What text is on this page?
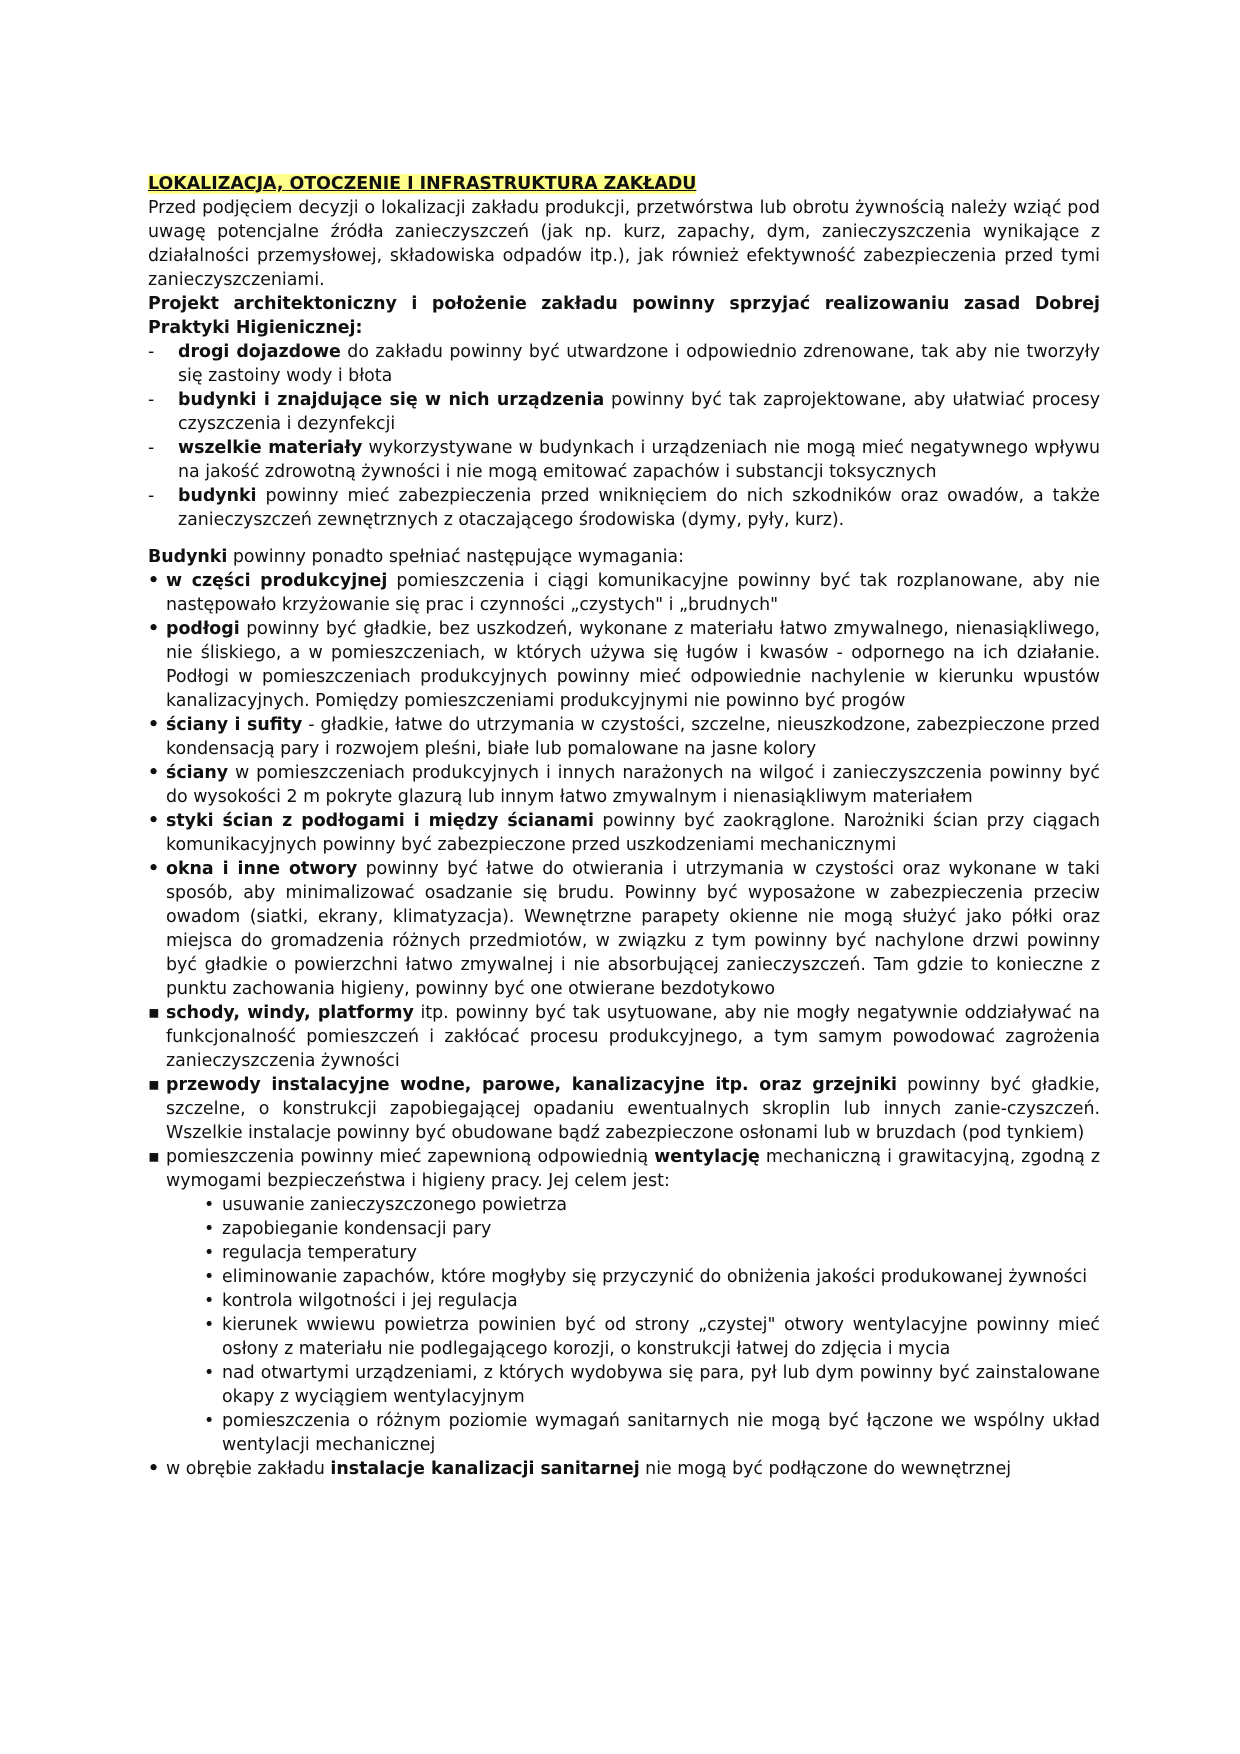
LOKALIZACJA, OTOCZENIE I INFRASTRUKTURA ZAKŁADU

Przed podjęciem decyzji o lokalizacji zakładu produkcji, przetwórstwa lub obrotu żywnością należy wziąć pod uwagę potencjalne źródła zanieczyszczeń (jak np. kurz, zapachy, dym, zanieczyszczenia wynikające z działalności przemysłowej, składowiska odpadów itp.), jak również efektywność zabezpieczenia przed tymi zanieczyszczeniami.

Projekt architektoniczny i położenie zakładu powinny sprzyjać realizowaniu zasad Dobrej Praktyki Higienicznej:

- drogi dojazdowe do zakładu powinny być utwardzone i odpowiednio zdrenowane, tak aby nie tworzyły się zastoiny wody i błota
- budynki i znajdujące się w nich urządzenia powinny być tak zaprojektowane, aby ułatwiać procesy czyszczenia i dezynfekcji
- wszelkie materiały wykorzystywane w budynkach i urządzeniach nie mogą mieć negatywnego wpływu na jakość zdrowotną żywności i nie mogą emitować zapachów i substancji toksycznych
- budynki powinny mieć zabezpieczenia przed wniknięciem do nich szkodników oraz owadów, a także zanieczyszczeń zewnętrznych z otaczającego środowiska (dymy, pyły, kurz).

Budynki powinny ponadto spełniać następujące wymagania:

• w części produkcyjnej pomieszczenia i ciągi komunikacyjne powinny być tak rozplanowane, aby nie następowało krzyżowanie się prac i czynności „czystych" i „brudnych"
• podłogi powinny być gładkie, bez uszkodzeń, wykonane z materiału łatwo zmywalnego, nienasiąkliwego, nie śliskiego, a w pomieszczeniach, w których używa się ługów i kwasów - odpornego na ich działanie. Podłogi w pomieszczeniach produkcyjnych powinny mieć odpowiednie nachylenie w kierunku wpustów kanalizacyjnych. Pomiędzy pomieszczeniami produkcyjnymi nie powinno być progów
• ściany i sufity - gładkie, łatwe do utrzymania w czystości, szczelne, nieuszkodzone, zabezpieczone przed kondensacją pary i rozwojem pleśni, białe lub pomalowane na jasne kolory
• ściany w pomieszczeniach produkcyjnych i innych narażonych na wilgoć i zanieczyszczenia powinny być do wysokości 2 m pokryte glazurą lub innym łatwo zmywalnym i nienasiąkliwym materiałem
• styki ścian z podłogami i między ścianami powinny być zaokrąglone. Narożniki ścian przy ciągach komunikacyjnych powinny być zabezpieczone przed uszkodzeniami mechanicznymi
• okna i inne otwory powinny być łatwe do otwierania i utrzymania w czystości oraz wykonane w taki sposób, aby minimalizować osadzanie się brudu. Powinny być wyposażone w zabezpieczenia przeciw owadom (siatki, ekrany, klimatyzacja). Wewnętrzne parapety okienne nie mogą służyć jako półki oraz miejsca do gromadzenia różnych przedmiotów, w związku z tym powinny być nachylone drzwi powinny być gładkie o powierzchni łatwo zmywalnej i nie absorbującej zanieczyszczeń. Tam gdzie to konieczne z punktu zachowania higieny, powinny być one otwierane bezdotykowo
▪ schody, windy, platformy itp. powinny być tak usytuowane, aby nie mogły negatywnie oddziaływać na funkcjonalność pomieszczeń i zakłócać procesu produkcyjnego, a tym samym powodować zagrożenia zanieczyszczenia żywności
▪ przewody instalacyjne wodne, parowe, kanalizacyjne itp. oraz grzejniki powinny być gładkie, szczelne, o konstrukcji zapobiegającej opadaniu ewentualnych skroplin lub innych zanie-czyszczeń. Wszelkie instalacje powinny być obudowane bądź zabezpieczone osłonami lub w bruzdach (pod tynkiem)
▪ pomieszczenia powinny mieć zapewnioną odpowiednią wentylację mechaniczną i grawitacyjną, zgodną z wymogami bezpieczeństwa i higieny pracy. Jej celem jest:
• usuwanie zanieczyszczonego powietrza
• zapobieganie kondensacji pary
• regulacja temperatury
• eliminowanie zapachów, które mogłyby się przyczynić do obniżenia jakości produkowanej żywności
• kontrola wilgotności i jej regulacja
• kierunek wwiewu powietrza powinien być od strony „czystej" otwory wentylacyjne powinny mieć osłony z materiału nie podlegającego korozji, o konstrukcji łatwej do zdjęcia i mycia
• nad otwartymi urządzeniami, z których wydobywa się para, pył lub dym powinny być zainstalowane okapy z wyciągiem wentylacyjnym
• pomieszczenia o różnym poziomie wymagań sanitarnych nie mogą być łączone we wspólny układ wentylacji mechanicznej
• w obrębie zakładu instalacje kanalizacji sanitarnej nie mogą być podłączone do wewnętrznej
